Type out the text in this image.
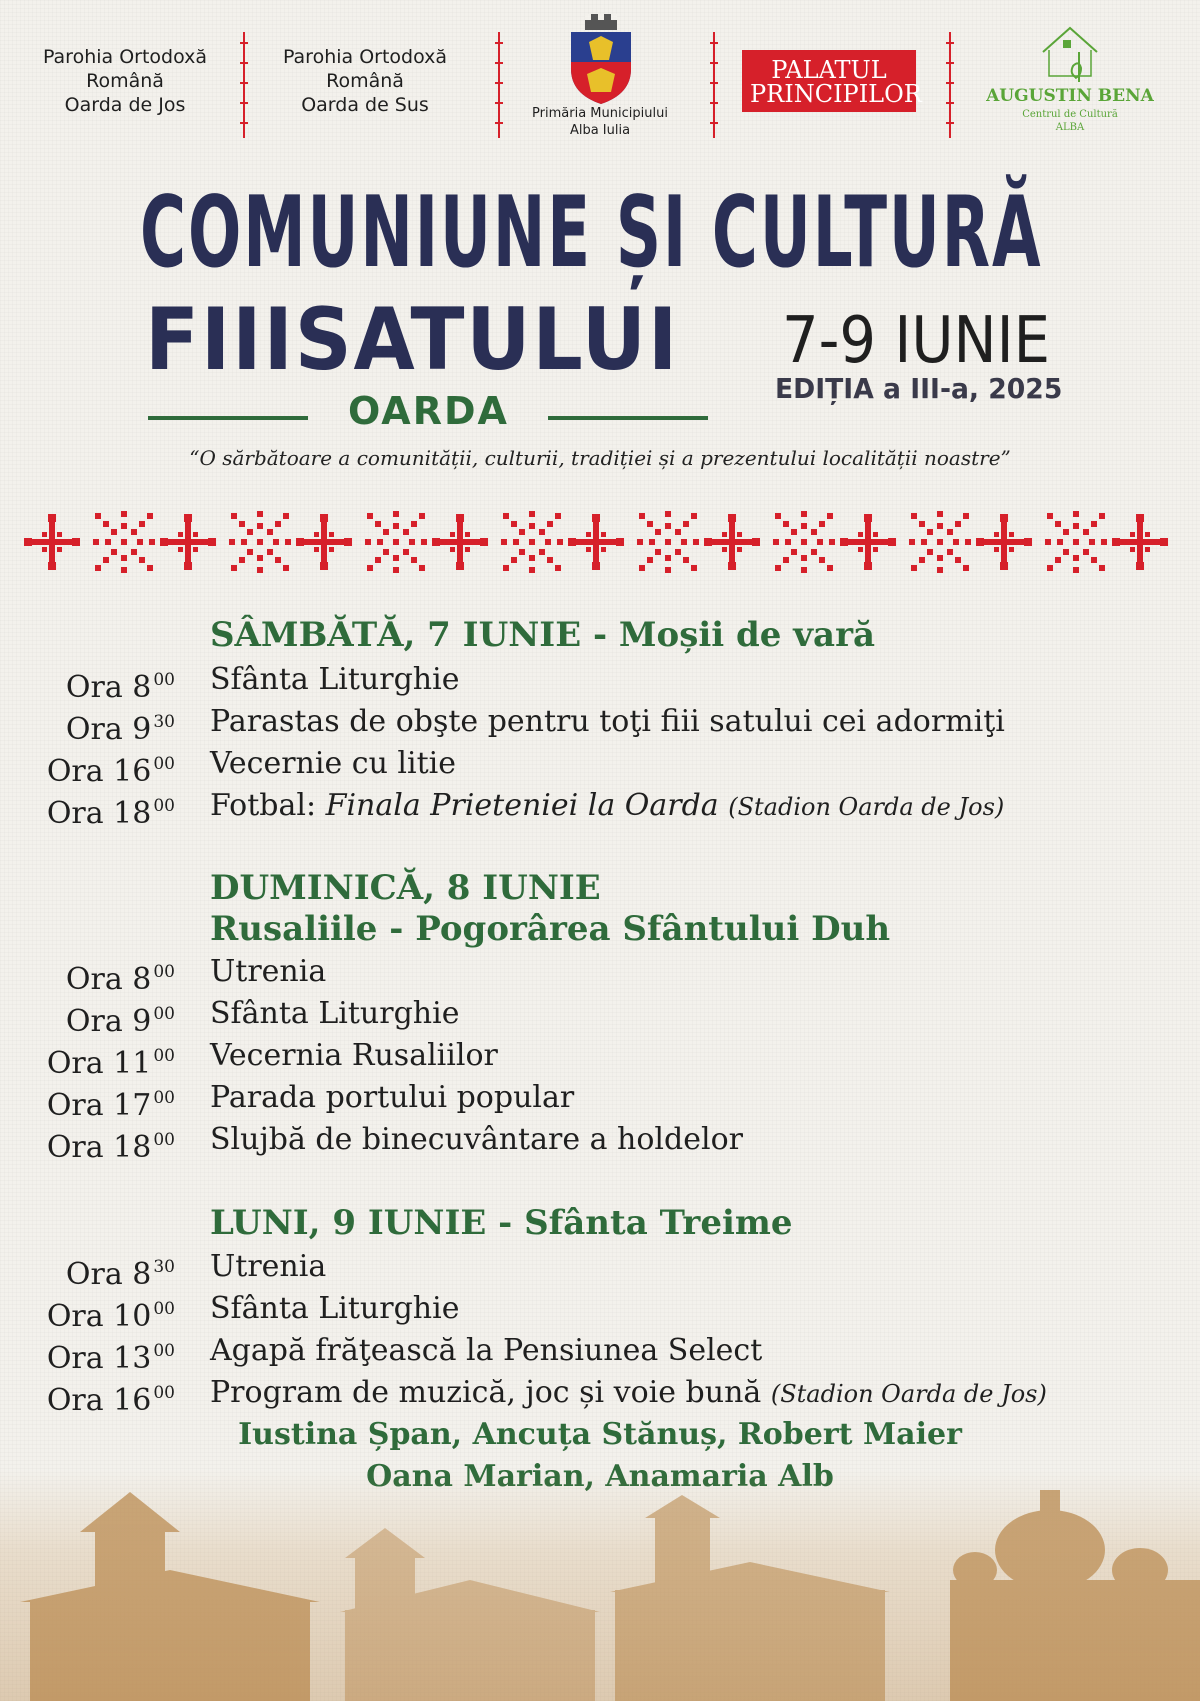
Parohia Ortodoxă
Română
Oarda de Jos
Parohia Ortodoxă
Română
Oarda de Sus	Primăria Municipiului
Alba Iulia
PALATUL
PRINCIPILOR	AUGUSTIN BENA
Centrul de Cultură
ALBA
COMUNIUNE ȘI CULTURĂ
FIIISATULUI 7-9 IUNIE
EDIȚIA a III-a, 2025
OARDA
“O sărbătoare a comunității, culturii, tradiției și a prezentului localității noastre”
SÂMBĂTĂ, 7 IUNIE - Moșii de vară
Ora 8 $^{00}$ Sfânta Liturghie
Ora 9 $^{30}$ Parastas de obşte pentru toţi fiii satului cei adormiţi
Ora 16 $^{00}$ Vecernie cu litie
Ora 18 $^{00}$ Fotbal: Finala Prieteniei la Oarda (Stadion Oarda de Jos)
DUMINICĂ, 8 IUNIE
Rusaliile - Pogorârea Sfântului Duh
Ora 8 $^{00}$ Utrenia
Ora 9 $^{00}$ Sfânta Liturghie
Ora 11 $^{00}$ Vecernia Rusaliilor
Ora 17 $^{00}$ Parada portului popular
Ora 18 $^{00}$ Slujbă de binecuvântare a holdelor
LUNI, 9 IUNIE - Sfânta Treime
Ora 8 $^{30}$ Utrenia
Ora 10 $^{00}$ Sfânta Liturghie
Ora 13 $^{00}$ Agapă frăţească la Pensiunea Select
Ora 16 $^{00}$ Program de muzică, joc și voie bună (Stadion Oarda de Jos)
Iustina Șpan, Ancuța Stănuș, Robert Maier
Oana Marian, Anamaria Alb
